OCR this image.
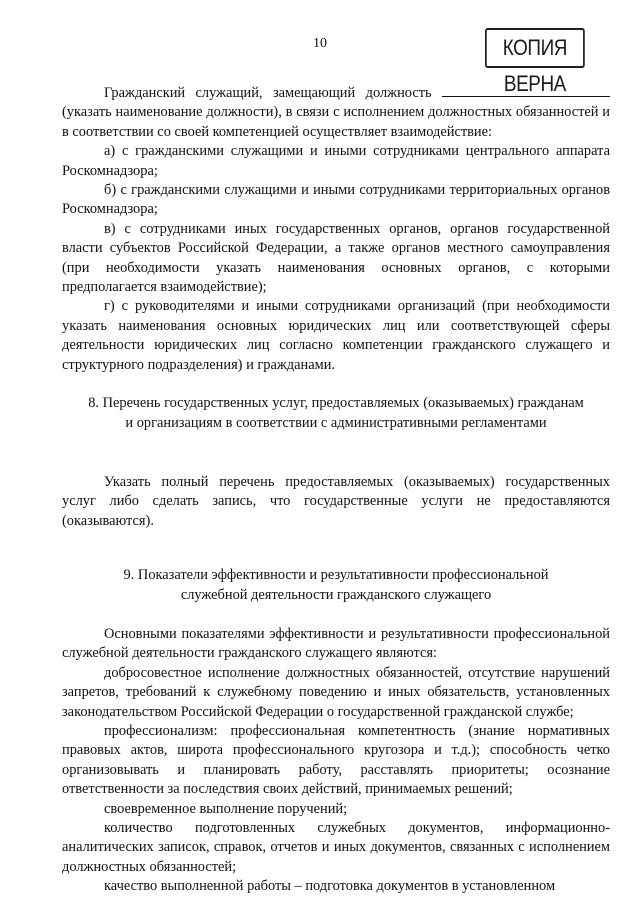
10	КОПИЯ ВЕРНА

Гражданский служащий, замещающий должность  (указать наименование должности), в связи с исполнением должностных обязанностей и в соответствии со своей компетенцией осуществляет взаимодействие:

а) с гражданскими служащими и иными сотрудниками центрального аппарата Роскомнадзора;

б) с гражданскими служащими и иными сотрудниками территориальных органов Роскомнадзора;

в) с сотрудниками иных государственных органов, органов государственной власти субъектов Российской Федерации, а также органов местного самоуправления (при необходимости указать наименования основных органов, с которыми предполагается взаимодействие);

г) с руководителями и иными сотрудниками организаций (при необходимости указать наименования основных юридических лиц или соответствующей сферы деятельности юридических лиц согласно компетенции гражданского служащего и структурного подразделения) и гражданами.

8. Перечень государственных услуг, предоставляемых (оказываемых) гражданам

и организациям в соответствии с административными регламентами

Указать полный перечень предоставляемых (оказываемых) государственных услуг либо сделать запись, что государственные услуги не предоставляются (оказываются).

9. Показатели эффективности и результативности профессиональной

служебной деятельности гражданского служащего

Основными показателями эффективности и результативности профессиональной служебной деятельности гражданского служащего являются:

добросовестное исполнение должностных обязанностей, отсутствие нарушений запретов, требований к служебному поведению и иных обязательств, установленных законодательством Российской Федерации о государственной гражданской службе;

профессионализм: профессиональная компетентность (знание нормативных правовых актов, широта профессионального кругозора и т.д.); способность четко организовывать и планировать работу, расставлять приоритеты; осознание ответственности за последствия своих действий, принимаемых решений;

своевременное выполнение поручений;

количество подготовленных служебных документов, информационно-аналитических записок, справок, отчетов и иных документов, связанных с исполнением должностных обязанностей;

качество выполненной работы – подготовка документов в установленном
